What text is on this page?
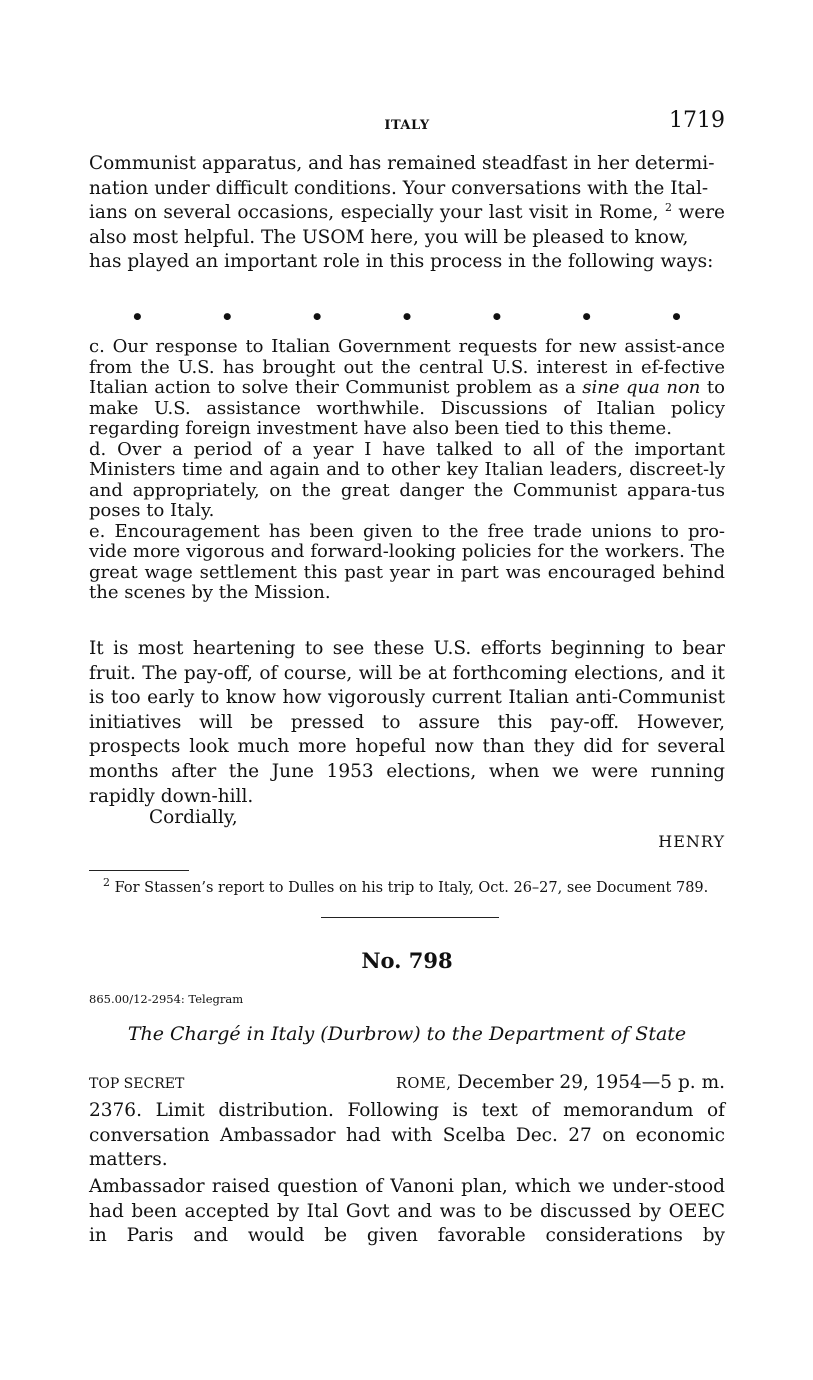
ITALY	1719

Communist apparatus, and has remained steadfast in her determi-

nation under difficult conditions. Your conversations with the Ital-

ians on several occasions, especially your last visit in Rome, $^2$ were

also most helpful. The USOM here, you will be pleased to know,

has played an important role in this process in the following ways:

•	•	•	•	•	•	•

c. Our response to Italian Government requests for new assist-ance from the U.S. has brought out the central U.S. interest in ef-fective Italian action to solve their Communist problem as a sine qua non to make U.S. assistance worthwhile. Discussions of Italian policy regarding foreign investment have also been tied to this theme.

d. Over a period of a year I have talked to all of the important Ministers time and again and to other key Italian leaders, discreet-ly and appropriately, on the great danger the Communist appara-tus poses to Italy.

e. Encouragement has been given to the free trade unions to pro-vide more vigorous and forward-looking policies for the workers. The great wage settlement this past year in part was encouraged behind the scenes by the Mission.

It is most heartening to see these U.S. efforts beginning to bear fruit. The pay-off, of course, will be at forthcoming elections, and it is too early to know how vigorously current Italian anti-Communist initiatives will be pressed to assure this pay-off. However, prospects look much more hopeful now than they did for several months after the June 1953 elections, when we were running rapidly down-hill.

Cordially,
HENRY
$^2$ For Stassen’s report to Dulles on his trip to Italy, Oct. 26–27, see Document 789.
No. 798
865.00/12-2954: Telegram
The Chargé in Italy (Durbrow) to the Department of State
TOP SECRET	ROME, December 29, 1954—5 p. m.

2376. Limit distribution. Following is text of memorandum of conversation Ambassador had with Scelba Dec. 27 on economic matters.

Ambassador raised question of Vanoni plan, which we under-stood had been accepted by Ital Govt and was to be discussed by OEEC in Paris and would be given favorable considerations by
